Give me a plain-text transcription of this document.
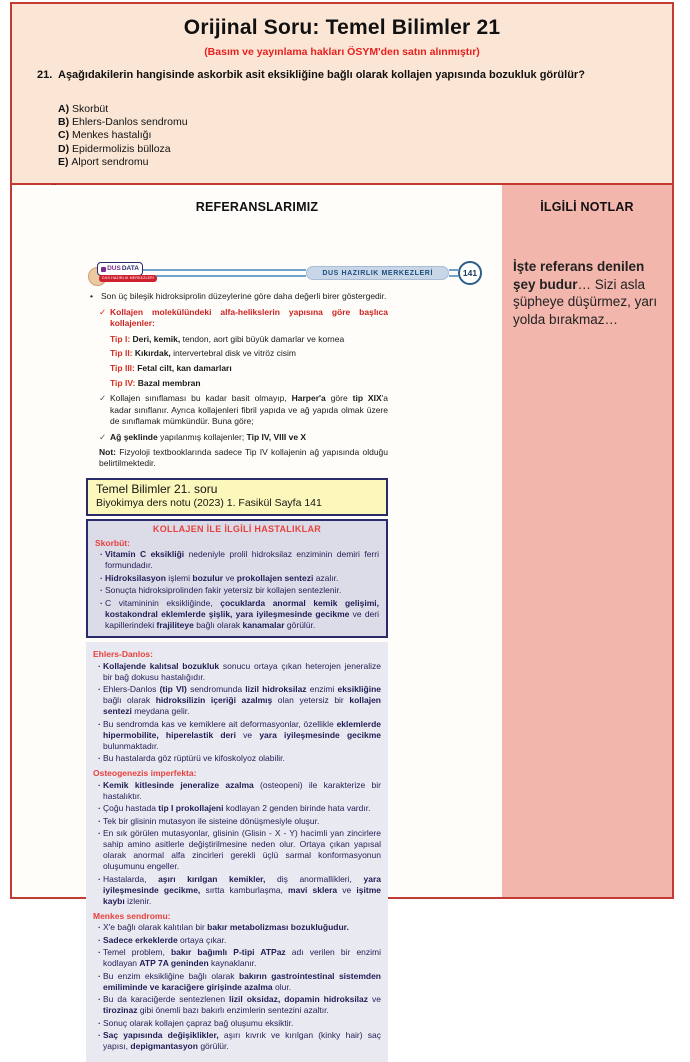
Orijinal Soru: Temel Bilimler 21
(Basım ve yayınlama hakları ÖSYM'den satın alınmıştır)
21. Aşağıdakilerin hangisinde askorbik asit eksikliğine bağlı olarak kollajen yapısında bozukluk görülür?
A) Skorbüt
B) Ehlers-Danlos sendromu
C) Menkes hastalığı
D) Epidermolizis bülloza
E) Alport sendromu
REFERANSLARIMIZ
DUS DATA
DUS HAZIRLIK MERKEZLERİ
DUS HAZIRLIK MERKEZLERİ	141
• Son üç bileşik hidroksiprolin düzeylerine göre daha değerli birer göstergedir.
✓ Kollajen molekülündeki alfa-helikslerin yapısına göre başlıca kollajenler:
Tip I: Deri, kemik, tendon, aort gibi büyük damarlar ve kornea
Tip II: Kıkırdak, intervertebral disk ve vitröz cisim
Tip III: Fetal cilt, kan damarları
Tip IV: Bazal membran
✓ Kollajen sınıflaması bu kadar basit olmayıp, Harper'a göre tip XIX'a kadar sınıflanır. Ayrıca kollajenleri fibril yapıda ve ağ yapıda olmak üzere de sınıflamak mümkündür. Buna göre;
✓ Ağ şeklinde yapılanmış kollajenler; Tip IV, VIII ve X
Not: Fizyoloji textbooklarında sadece Tip IV kollajenin ağ yapısında olduğu belirtilmektedir.
Temel Bilimler 21. soru
Biyokimya ders notu (2023) 1. Fasikül Sayfa 141
KOLLAJEN İLE İLGİLİ HASTALIKLAR
Skorbüt:
· Vitamin C eksikliği nedeniyle prolil hidroksilaz enziminin demiri ferri formundadır.
· Hidroksilasyon işlemi bozulur ve prokollajen sentezi azalır.
· Sonuçta hidroksiprolinden fakir yetersiz bir kollajen sentezlenir.
· C vitamininin eksikliğinde, çocuklarda anormal kemik gelişimi, kostakondral eklemlerde şişlik, yara iyileşmesinde gecikme ve deri kapillerindeki frajiliteye bağlı olarak kanamalar görülür.
Ehlers-Danlos:
· Kollajende kalıtsal bozukluk sonucu ortaya çıkan heterojen jeneralize bir bağ dokusu hastalığıdır.
· Ehlers-Danlos (tip VI) sendromunda lizil hidroksilaz enzimi eksikliğine bağlı olarak hidroksilizin içeriği azalmış olan yetersiz bir kollajen sentezi meydana gelir.
· Bu sendromda kas ve kemiklere ait deformasyonlar, özellikle eklemlerde hipermobilite, hiperelastik deri ve yara iyileşmesinde gecikme bulunmaktadır.
· Bu hastalarda göz rüptürü ve kifoskolyoz olabilir.
Osteogenezis imperfekta:
· Kemik kitlesinde jeneralize azalma (osteopeni) ile karakterize bir hastalıktır.
· Çoğu hastada tip I prokollajeni kodlayan 2 genden birinde hata vardır.
· Tek bir glisinin mutasyon ile sisteine dönüşmesiyle oluşur.
· En sık görülen mutasyonlar, glisinin (Glisin - X - Y) hacimli yan zincirlere sahip amino asitlerle değiştirilmesine neden olur. Ortaya çıkan yapısal olarak anormal alfa zincirleri gerekli üçlü sarmal konformasyonun oluşumunu engeller.
· Hastalarda, aşırı kırılgan kemikler, diş anormallikleri, yara iyileşmesinde gecikme, sırtta kamburlaşma, mavi sklera ve işitme kaybı izlenir.
Menkes sendromu:
· X'e bağlı olarak kalıtılan bir bakır metabolizması bozukluğudur.
· Sadece erkeklerde ortaya çıkar.
· Temel problem, bakır bağımlı P-tipi ATPaz adı verilen bir enzimi kodlayan ATP 7A geninden kaynaklanır.
· Bu enzim eksikliğine bağlı olarak bakırın gastrointestinal sistemden emiliminde ve karaciğere girişinde azalma olur.
· Bu da karaciğerde sentezlenen lizil oksidaz, dopamin hidroksilaz ve tirozinaz gibi önemli bazı bakırlı enzimlerin sentezini azaltır.
· Sonuç olarak kollajen çapraz bağ oluşumu eksiktir.
· Saç yapısında değişiklikler, aşırı kıvrık ve kırılgan (kinky hair) saç yapısı, depigmantasyon görülür.
İLGİLİ NOTLAR
İşte referans denilen şey budur… Sizi asla şüpheye düşürmez, yarı yolda bırakmaz…
